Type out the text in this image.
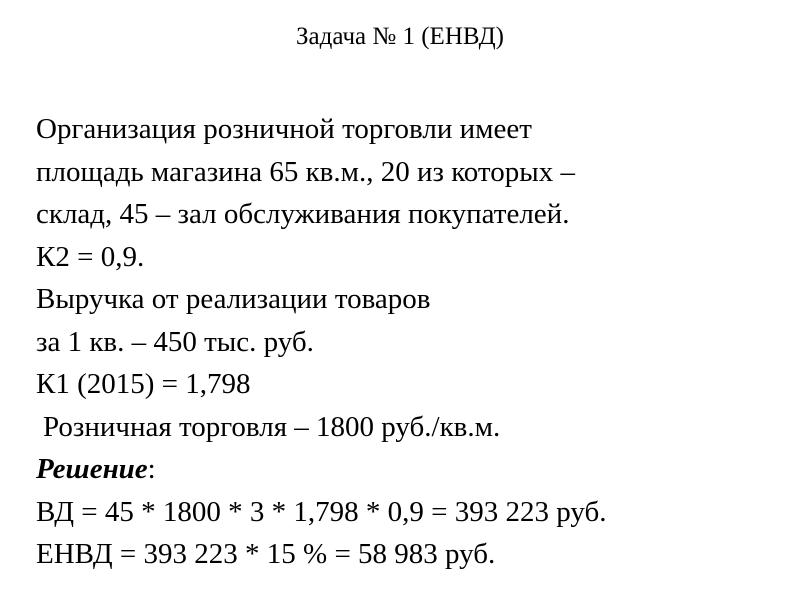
Задача № 1 (ЕНВД)
Организация розничной торговли имеет
площадь магазина 65 кв.м., 20 из которых –
склад, 45 – зал обслуживания покупателей.
К2 = 0,9.
Выручка от реализации товаров
за 1 кв. – 450 тыс. руб.
К1 (2015) = 1,798
Розничная торговля – 1800 руб./кв.м.
Решение:
ВД = 45 * 1800 * 3 * 1,798 * 0,9 = 393 223 руб.
ЕНВД = 393 223 * 15 % = 58 983 руб.
